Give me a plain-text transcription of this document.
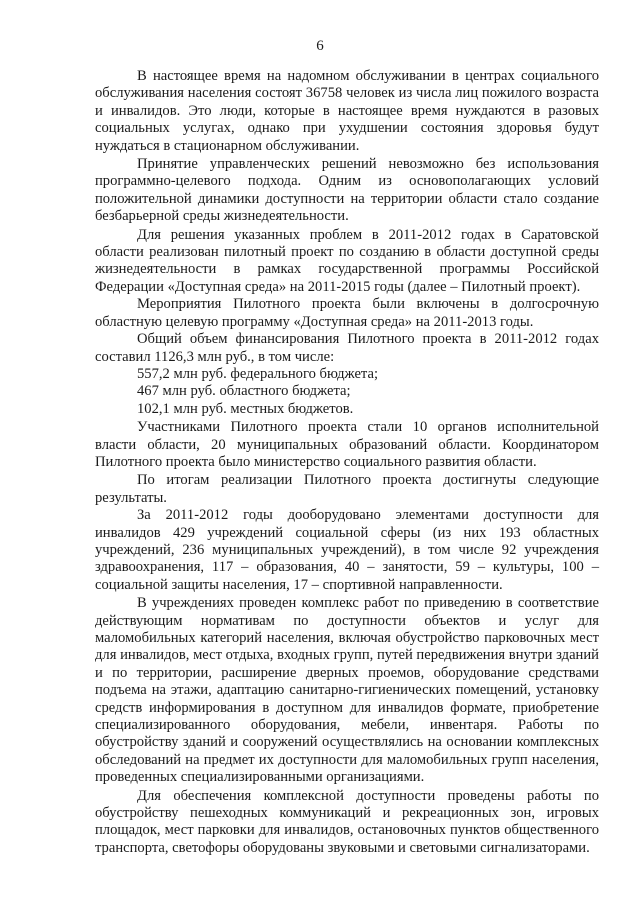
6

В настоящее время на надомном обслуживании в центрах социального обслуживания населения состоят 36758 человек из числа лиц пожилого возраста и инвалидов. Это люди, которые в настоящее время нуждаются в разовых социальных услугах, однако при ухудшении состояния здоровья будут нуждаться в стационарном обслуживании.

Принятие управленческих решений невозможно без использования программно-целевого подхода. Одним из основополагающих условий положительной динамики доступности на территории области стало создание безбарьерной среды жизнедеятельности.

Для решения указанных проблем в 2011-2012 годах в Саратовской области реализован пилотный проект по созданию в области доступной среды жизнедеятельности в рамках государственной программы Российской Федерации «Доступная среда» на 2011-2015 годы (далее – Пилотный проект).

Мероприятия Пилотного проекта были включены в долгосрочную областную целевую программу «Доступная среда» на 2011-2013 годы.

Общий объем финансирования Пилотного проекта в 2011-2012 годах составил 1126,3 млн руб., в том числе:

557,2 млн руб. федерального бюджета;

467 млн руб. областного бюджета;

102,1 млн руб. местных бюджетов.

Участниками Пилотного проекта стали 10 органов исполнительной власти области, 20 муниципальных образований области. Координатором Пилотного проекта было министерство социального развития области.

По итогам реализации Пилотного проекта достигнуты следующие результаты.

За 2011-2012 годы дооборудовано элементами доступности для инвалидов 429 учреждений социальной сферы (из них 193 областных учреждений, 236 муниципальных учреждений), в том числе 92 учреждения здравоохранения, 117 – образования, 40 – занятости, 59 – культуры, 100 – социальной защиты населения, 17 – спортивной направленности.

В учреждениях проведен комплекс работ по приведению в соответствие действующим нормативам по доступности объектов и услуг для маломобильных категорий населения, включая обустройство парковочных мест для инвалидов, мест отдыха, входных групп, путей передвижения внутри зданий и по территории, расширение дверных проемов, оборудование средствами подъема на этажи, адаптацию санитарно-гигиенических помещений, установку средств информирования в доступном для инвалидов формате, приобретение специализированного оборудования, мебели, инвентаря. Работы по обустройству зданий и сооружений осуществлялись на основании комплексных обследований на предмет их доступности для маломобильных групп населения, проведенных специализированными организациями.

Для обеспечения комплексной доступности проведены работы по обустройству пешеходных коммуникаций и рекреационных зон, игровых площадок, мест парковки для инвалидов, остановочных пунктов общественного транспорта, светофоры оборудованы звуковыми и световыми сигнализаторами.
